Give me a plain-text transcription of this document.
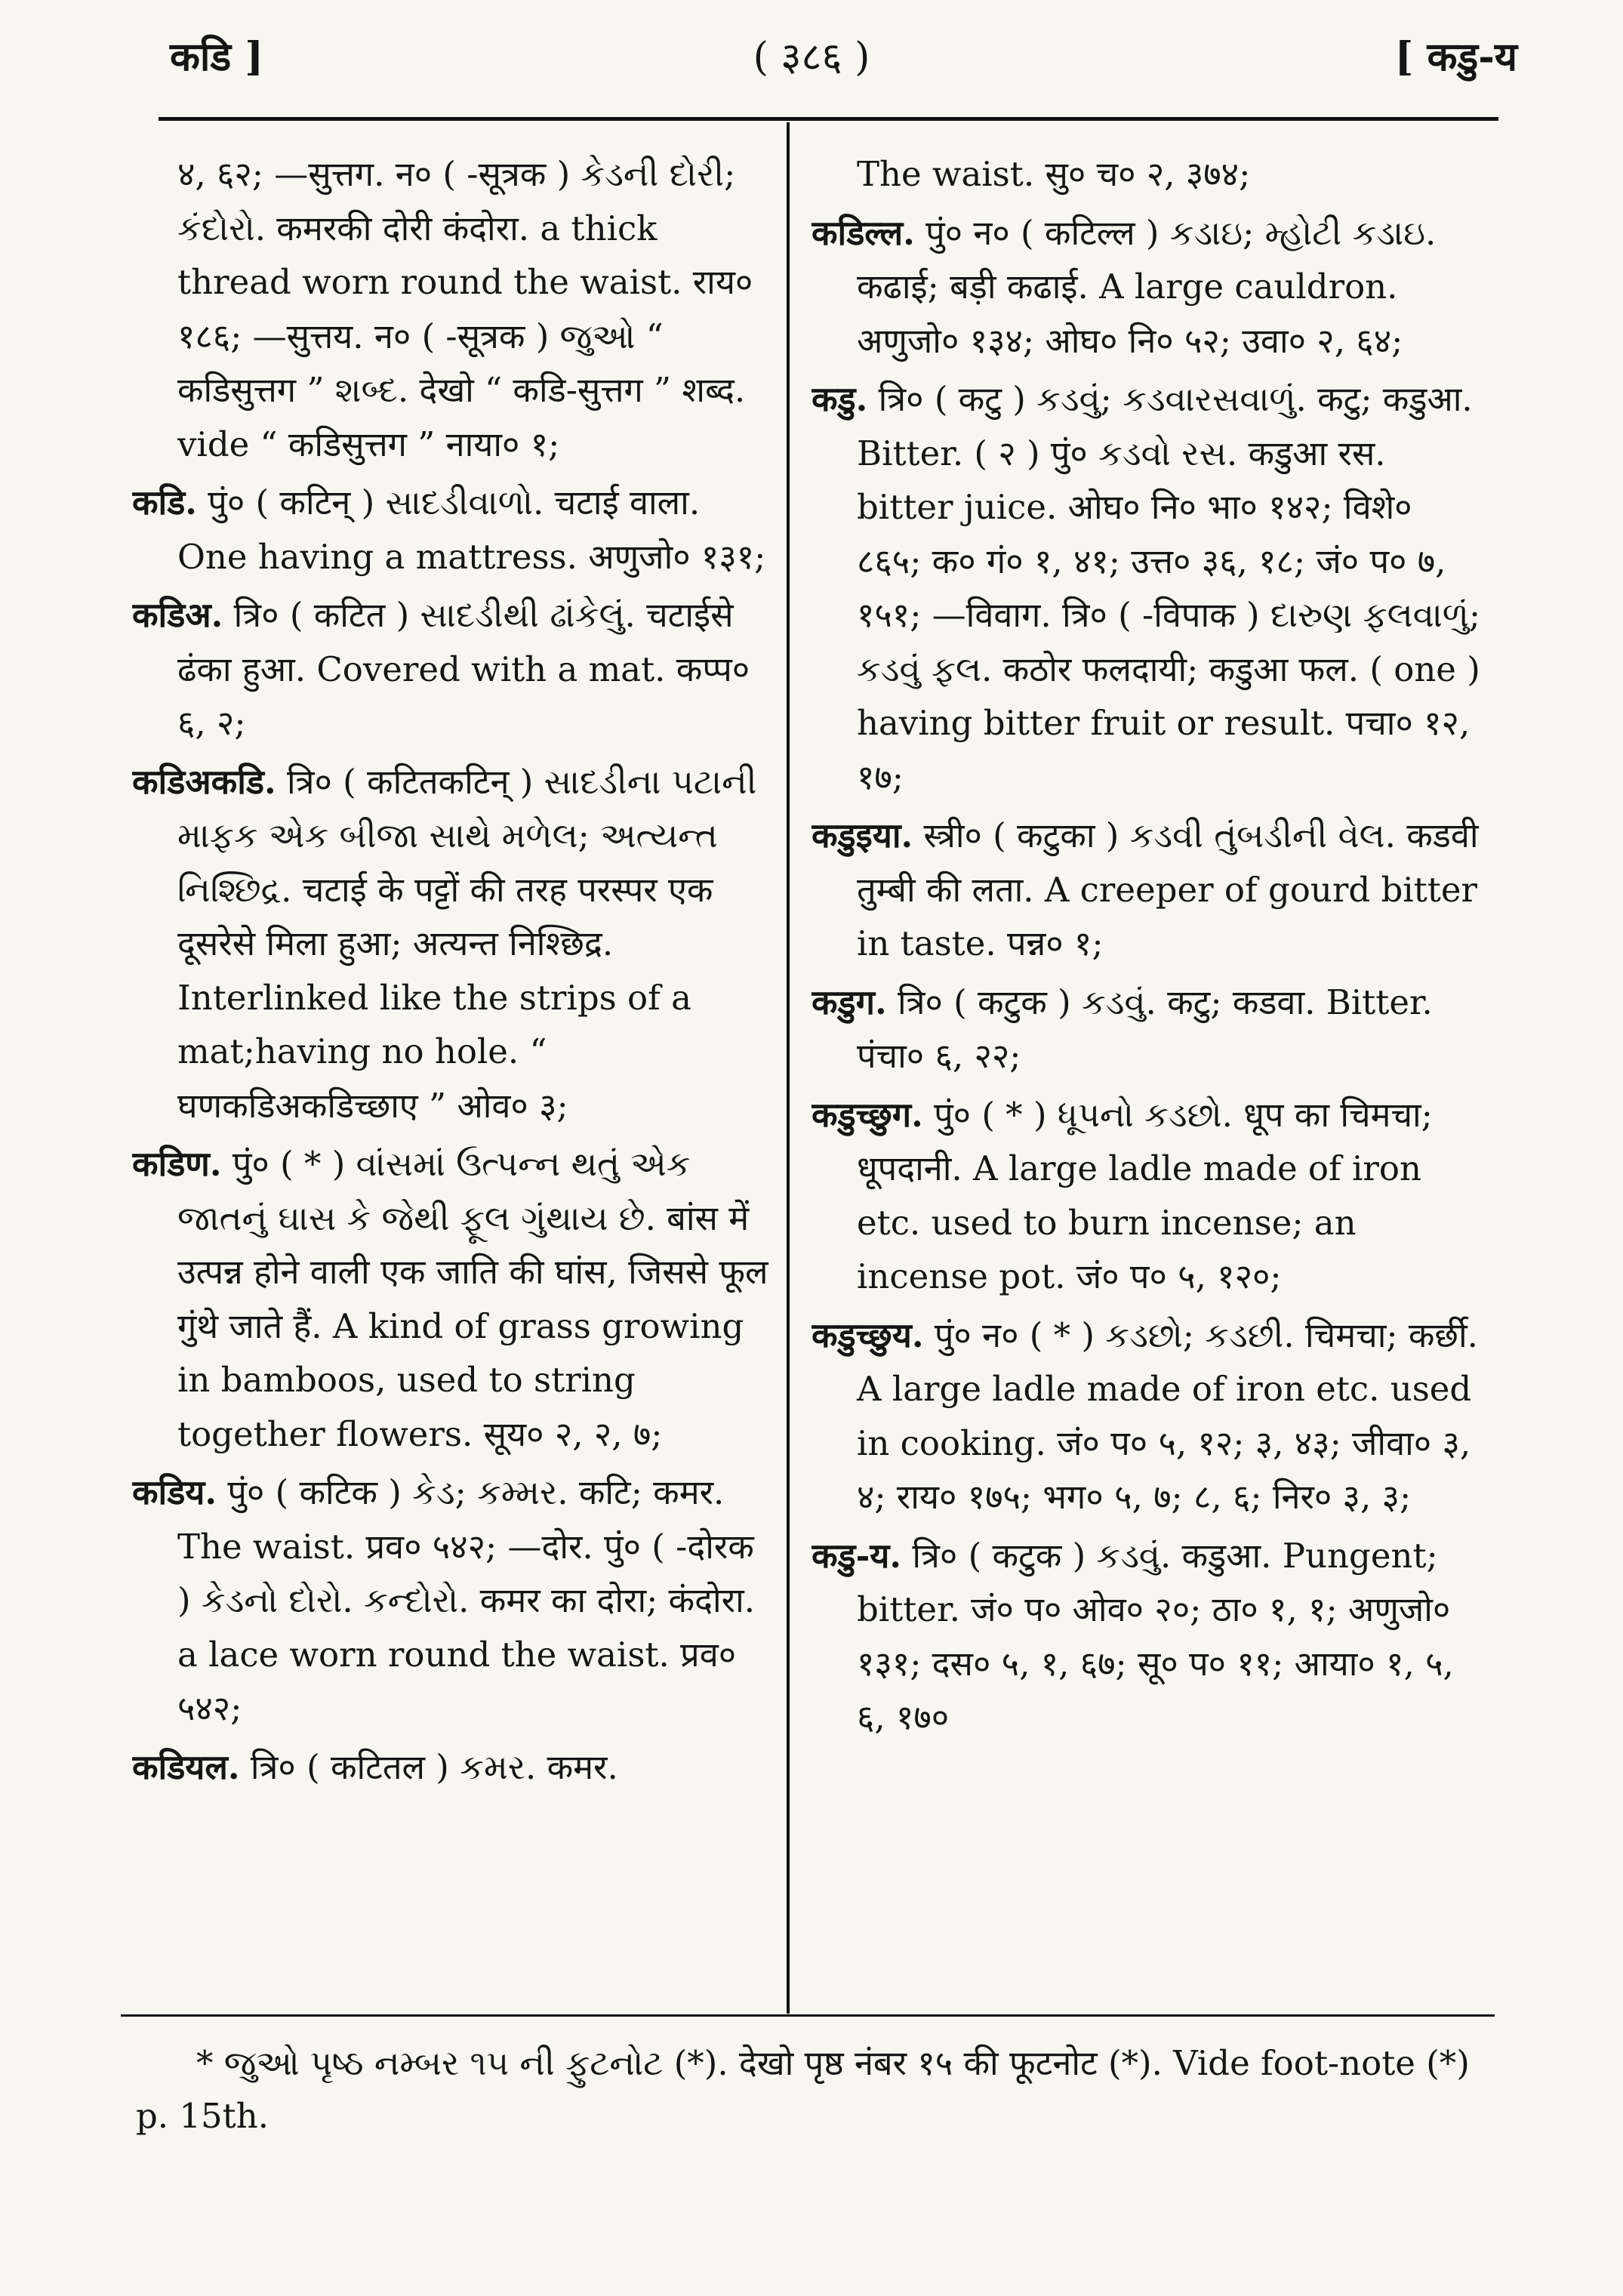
कडि ]	( ३८६ )	[ कडु-य

४, ६२; —सुत्तग. न० ( -सूत्रक ) કેડની દોરી; કંદોરો. कमरकी दोरी कंदोरा. a thick thread worn round the waist. राय० १८६; —सुत्तय. न० ( -सूत्रक ) જુઓ “ कडिसुत्तग ” શબ્દ. देखो “ कडि-सुत्तग ” शब्द. vide “ कडिसुत्तग ” नाया० १;

कडि. पुं० ( कटिन् ) સાદડીવાળો. चटाई वाला. One having a mattress. अणुजो० १३१;

कडिअ. त्रि० ( कटित ) સાદડીથી ઢાંકેલું. चटाईसे ढंका हुआ. Covered with a mat. कप्प० ६, २;

कडिअकडि. त्रि० ( कटितकटिन् ) સાદડીના પટાની માફક એક બીજા સાથે મળેલ; અત્યન્ત નિશ્છિદ્ર. चटाई के पट्टों की तरह परस्पर एक दूसरेसे मिला हुआ; अत्यन्त निश्छिद्र. Interlinked like the strips of a mat;having no hole. “ घणकडिअकडिच्छाए ” ओव० ३;

कडिण. पुं० ( * ) વાંસમાં ઉત્પન્ન થતું એક જાતનું ઘાસ કે જેથી ફૂલ ગુંથાય છે. बांस में उत्पन्न होने वाली एक जाति की घांस, जिससे फूल गुंथे जाते हैं. A kind of grass growing in bamboos, used to string together flowers. सूय० २, २, ७;

कडिय. पुं० ( कटिक ) કેડ; કમ્મર. कटि; कमर. The waist. प्रव० ५४२; —दोर. पुं० ( -दोरक ) કેડનો દોરો. કન્દોરો. कमर का दोरा; कंदोरा. a lace worn round the waist. प्रव० ५४२;

कडियल. त्रि० ( कटितल ) કમર. कमर.

The waist. सु० च० २, ३७४;

कडिल्ल. पुं० न० ( कटिल्ल ) કડાઇ; મ્હોટી કડાઇ. कढाई; बड़ी कढाई. A large cauldron. अणुजो० १३४; ओघ० नि० ५२; उवा० २, ६४;

कडु. त्रि० ( कटु ) કડવું; કડવારસવાળું. कटु; कडुआ. Bitter. ( २ ) पुं० કડવો રસ. कडुआ रस. bitter juice. ओघ० नि० भा० १४२; विशे० ८६५; क० गं० १, ४१; उत्त० ३६, १८; जं० प० ७, १५१; —विवाग. त्रि० ( -विपाक ) દારુણ ફલવાળું; કડવું ફલ. कठोर फलदायी; कडुआ फल. ( one ) having bitter fruit or result. पचा० १२, १७;

कडुइया. स्त्री० ( कटुका ) કડવી તુંબડીની વેલ. कडवी तुम्बी की लता. A creeper of gourd bitter in taste. पन्न० १;

कडुग. त्रि० ( कटुक ) કડવું. कटु; कडवा. Bitter. पंचा० ६, २२;

कडुच्छुग. पुं० ( * ) ધૂપનો કડછો. धूप का चिमचा; धूपदानी. A large ladle made of iron etc. used to burn incense; an incense pot. जं० प० ५, १२०;

कडुच्छुय. पुं० न० ( * ) કડછો; કડછી. चिमचा; कर्छी. A large ladle made of iron etc. used in cooking. जं० प० ५, १२; ३, ४३; जीवा० ३, ४; राय० १७५; भग० ५, ७; ८, ६; निर० ३, ३;

कडु-य. त्रि० ( कटुक ) કડવું. कडुआ. Pungent; bitter. जं० प० ओव० २०; ठा० १, १; अणुजो० १३१; दस० ५, १, ६७; सू० प० ११; आया० १, ५, ६, १७०

* જુઓ પૃષ્ઠ નમ્બર ૧૫ ની ફુટનોટ (*). देखो पृष्ठ नंबर १५ की फूटनोट (*). Vide foot-note (*) p. 15th.
